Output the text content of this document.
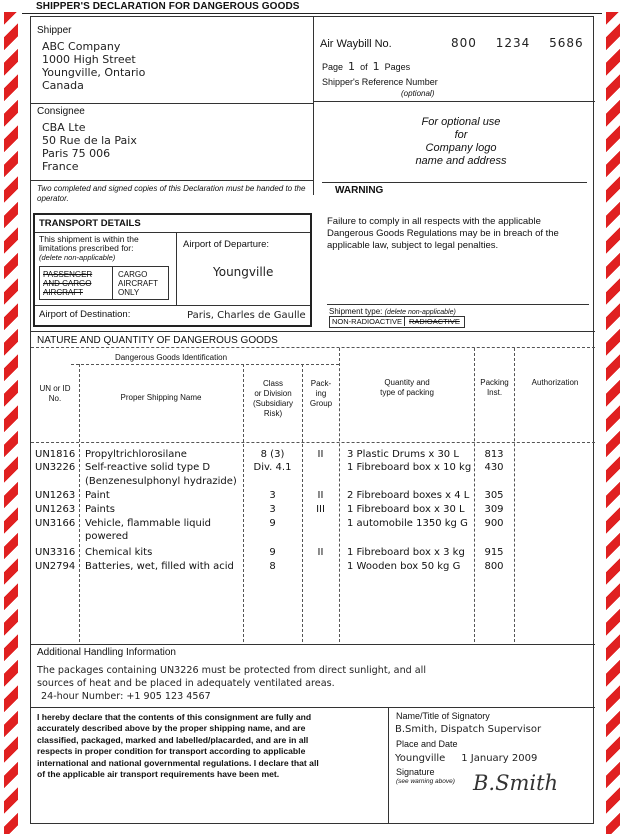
SHIPPER'S DECLARATION FOR DANGEROUS GOODS
Shipper
ABC Company
1000 High Street
Youngville, Ontario
Canada
Air Waybill No.	800 1234 5686
Page 1 of 1 Pages
Shipper's Reference Number
(optional)
Consignee
CBA Lte
50 Rue de la Paix
Paris 75 006
France
For optional use
for
Company logo
name and address
Two completed and signed copies of this Declaration must be handed to the operator.
WARNING
Failure to comply in all respects with the applicable Dangerous Goods Regulations may be in breach of the applicable law, subject to legal penalties.
TRANSPORT DETAILS
This shipment is within the
limitations prescribed for:
(delete non-applicable)
PASSENGER
AND CARGO
AIRCRAFT
CARGO
AIRCRAFT
ONLY
Airport of Departure:
Youngville
Airport of Destination:	Paris, Charles de Gaulle	Shipment type: (delete non-applicable)
NON-RADIOACTIVE RADIOACTIVE
NATURE AND QUANTITY OF DANGEROUS GOODS
Dangerous Goods Identification
UN or ID
No.	Proper Shipping Name
Class
or Division
(Subsidiary
Risk)
Pack-
ing
Group
Quantity and
type of packing
Packing
Inst.
Authorization
UN1816 Propyltrichlorosilane	8 (3)	II	3 Plastic Drums x 30 L	813
UN3226 Self-reactive solid type D	Div. 4.1	1 Fibreboard box x 10 kg	430
(Benzenesulphonyl hydrazide)
UN1263 Paint	3	II	2 Fibreboard boxes x 4 L	305
UN1263 Paints	3	III	1 Fibreboard box x 30 L	309
UN3166 Vehicle, flammable liquid	9	1 automobile 1350 kg G	900
powered
UN3316 Chemical kits	9	II	1 Fibreboard box x 3 kg	915
UN2794 Batteries, wet, filled with acid	8	1 Wooden box 50 kg G	800
Additional Handling Information
The packages containing UN3226 must be protected from direct sunlight, and all
sources of heat and be placed in adequately ventilated areas.
24-hour Number: +1 905 123 4567
I hereby declare that the contents of this consignment are fully and
accurately described above by the proper shipping name, and are
classified, packaged, marked and labelled/placarded, and are in all
respects in proper condition for transport according to applicable
international and national governmental regulations. I declare that all
of the applicable air transport requirements have been met.
Name/Title of Signatory
B.Smith, Dispatch Supervisor
Place and Date
Youngville 1 January 2009
Signature
(see warning above) B.Smith
